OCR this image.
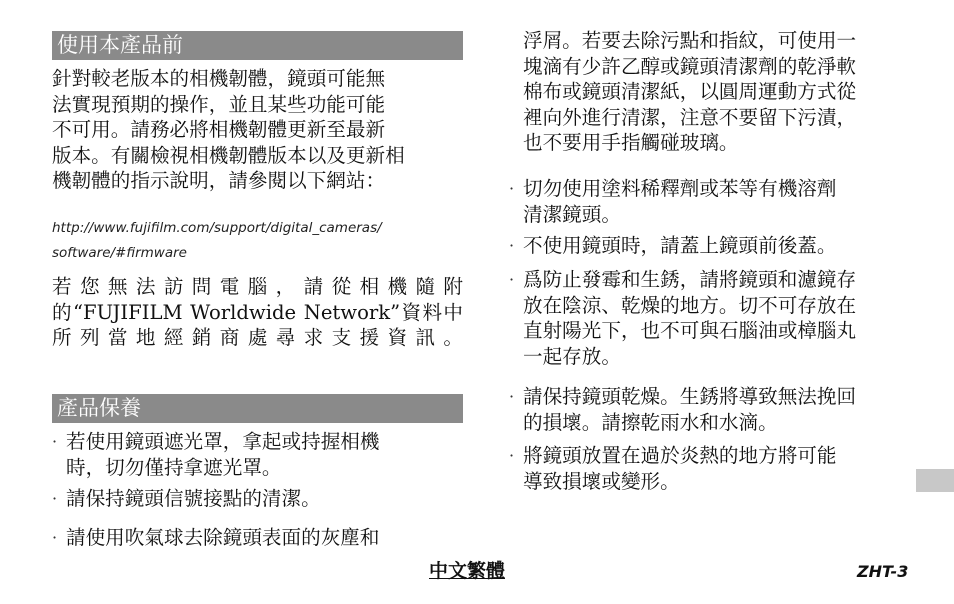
使用本產品前
針對較老版本的相機韌體，鏡頭可能無
法實現預期的操作，並且某些功能可能
不可用。請務必將相機韌體更新至最新
版本。有關檢視相機韌體版本以及更新相
機韌體的指示說明，請參閱以下網站：
http://www.fujifilm.com/support/digital_cameras/
software/#firmware
若您無法訪問電腦，請從相機隨附
的“FUJIFILM Worldwide Network”資料中
所列當地經銷商處尋求支援資訊。
產品保養
· 若使用鏡頭遮光罩，拿起或持握相機
時，切勿僅持拿遮光罩。
· 請保持鏡頭信號接點的清潔。
· 請使用吹氣球去除鏡頭表面的灰塵和
浮屑。若要去除污點和指紋，可使用一
塊滴有少許乙醇或鏡頭清潔劑的乾淨軟
棉布或鏡頭清潔紙，以圓周運動方式從
裡向外進行清潔，注意不要留下污漬，
也不要用手指觸碰玻璃。
· 切勿使用塗料稀釋劑或苯等有機溶劑
清潔鏡頭。
· 不使用鏡頭時，請蓋上鏡頭前後蓋。
· 爲防止發霉和生銹，請將鏡頭和濾鏡存
放在陰涼、乾燥的地方。切不可存放在
直射陽光下，也不可與石腦油或樟腦丸
一起存放。
· 請保持鏡頭乾燥。生銹將導致無法挽回
的損壞。請擦乾雨水和水滴。
· 將鏡頭放置在過於炎熱的地方將可能
導致損壞或變形。
中文繁體	ZHT-3
